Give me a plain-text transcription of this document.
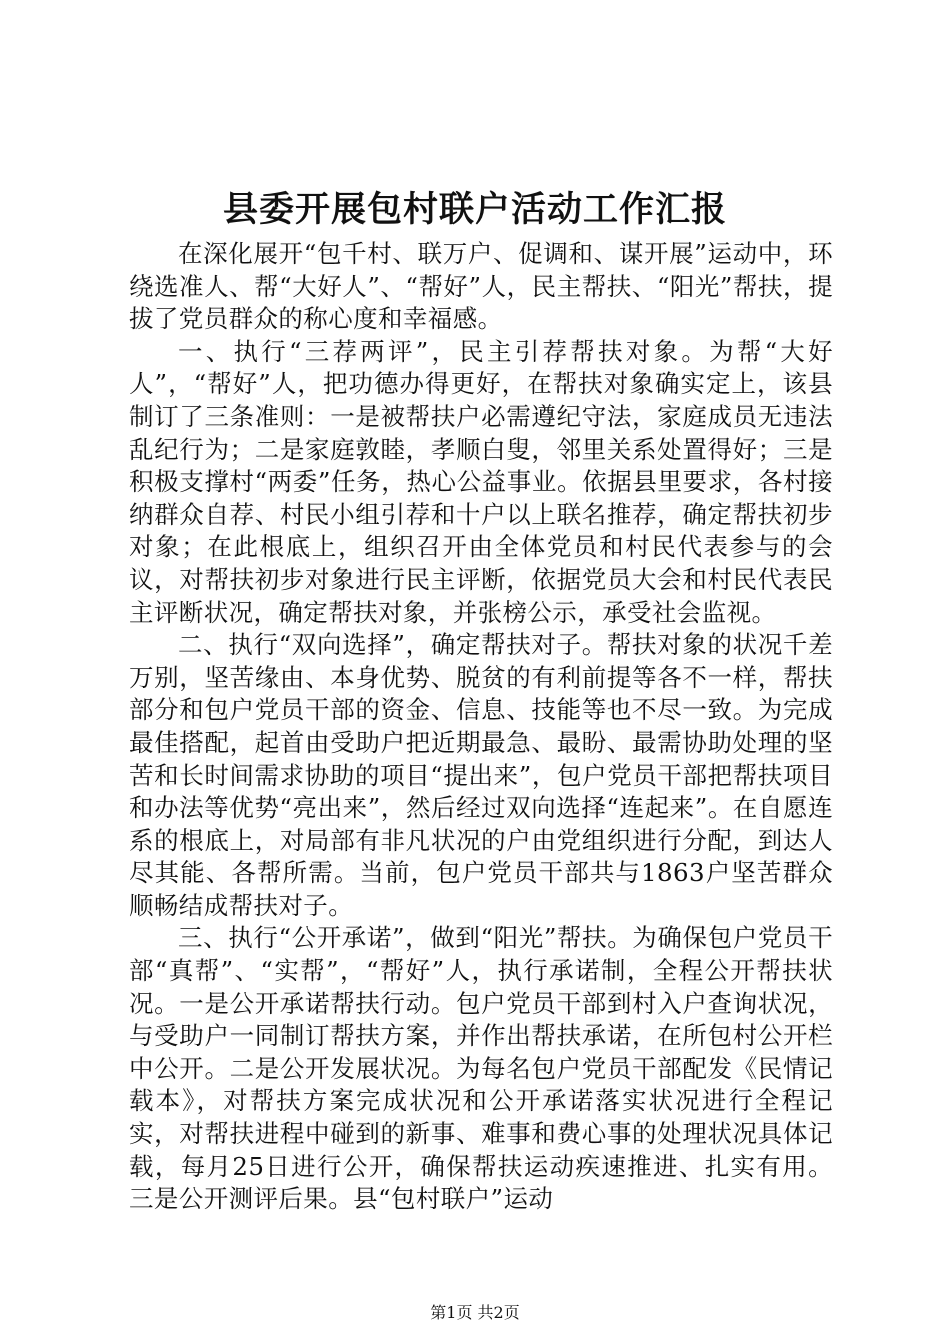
县委开展包村联户活动工作汇报

在深化展开“包千村、联万户、促调和、谋开展”运动中，环绕选准人、帮“大好人”、“帮好”人，民主帮扶、“阳光”帮扶，提拔了党员群众的称心度和幸福感。

一、执行“三荐两评”，民主引荐帮扶对象。为帮“大好人”，“帮好”人，把功德办得更好，在帮扶对象确实定上，该县制订了三条准则：一是被帮扶户必需遵纪守法，家庭成员无违法乱纪行为；二是家庭敦睦，孝顺白叟，邻里关系处置得好；三是积极支撑村“两委”任务，热心公益事业。依据县里要求，各村接纳群众自荐、村民小组引荐和十户以上联名推荐，确定帮扶初步对象；在此根底上，组织召开由全体党员和村民代表参与的会议，对帮扶初步对象进行民主评断，依据党员大会和村民代表民主评断状况，确定帮扶对象，并张榜公示，承受社会监视。

二、执行“双向选择”，确定帮扶对子。帮扶对象的状况千差万别，坚苦缘由、本身优势、脱贫的有利前提等各不一样，帮扶部分和包户党员干部的资金、信息、技能等也不尽一致。为完成最佳搭配，起首由受助户把近期最急、最盼、最需协助处理的坚苦和长时间需求协助的项目“提出来”，包户党员干部把帮扶项目和办法等优势“亮出来”，然后经过双向选择“连起来”。在自愿连系的根底上，对局部有非凡状况的户由党组织进行分配，到达人尽其能、各帮所需。当前，包户党员干部共与1863户坚苦群众顺畅结成帮扶对子。

三、执行“公开承诺”，做到“阳光”帮扶。为确保包户党员干部“真帮”、“实帮”，“帮好”人，执行承诺制，全程公开帮扶状况。一是公开承诺帮扶行动。包户党员干部到村入户查询状况，与受助户一同制订帮扶方案，并作出帮扶承诺，在所包村公开栏中公开。二是公开发展状况。为每名包户党员干部配发《民情记载本》，对帮扶方案完成状况和公开承诺落实状况进行全程记实，对帮扶进程中碰到的新事、难事和费心事的处理状况具体记载，每月25日进行公开，确保帮扶运动疾速推进、扎实有用。三是公开测评后果。县“包村联户”运动

第1页 共2页
